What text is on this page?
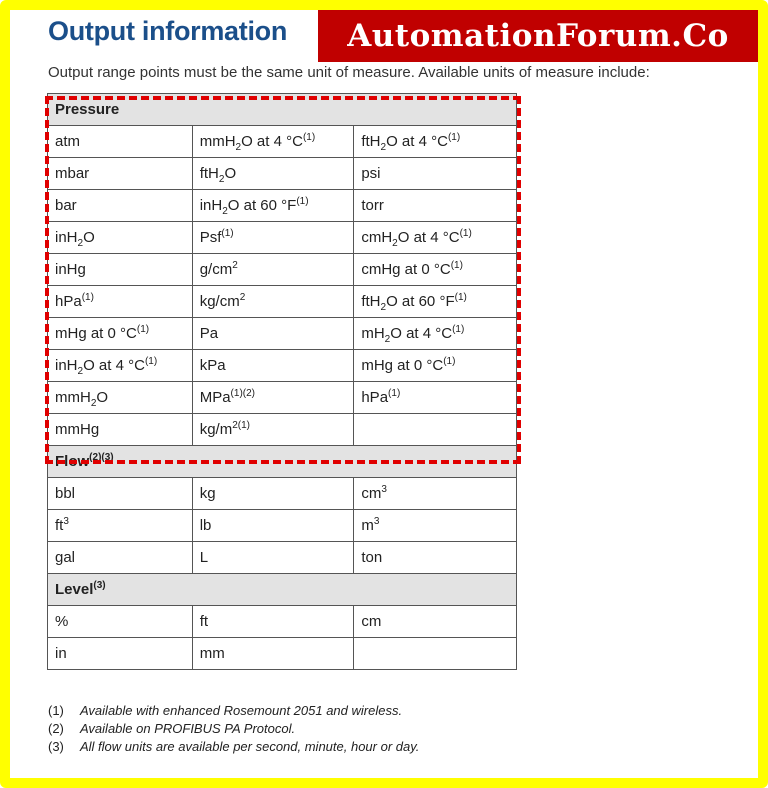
Output information	AutomationForum.Co
Output range points must be the same unit of measure. Available units of measure include:
Pressure		
atm	mmH$_2$O at 4 $^\circ C^{(1)}$	ftH$_2$O at 4 $^\circ C^{(1)}$
mbar	ftH$_2$O	psi
bar	inH$_2$O at 60 $^\circ F^{(1)}$	torr
inH$_2$O	Psf$^{(1)}$	cmH$_2$O at 4 $^\circ C^{(1)}$
inHg	$g/cm^2$	cmHg at 0 $^\circ C^{(1)}$
hPa$^{(1)}$	$kg/cm^2$	ftH$_2$O at 60 $^\circ F^{(1)}$
mHg at 0 $^\circ C^{(1)}$	Pa	$mH_2O$ at 4 $^\circ C^{(1)}$
inH$_2$O at 4 $^\circ C^{(1)}$	kPa	mHg at 0 $^\circ C^{(1)}$
mmH$_2$O	MPa$^{(1)(2)}$	hPa$^{(1)}$
mmHg	$kg/m^{2(1)}$	
Flow$^{(2)(3)}$
bbl	kg	$cm^3$
$ft^3$	lb	$m^3$
gal	L	ton
Level$^{(3)}$
%	ft	cm
in	mm	
(1)	Available with enhanced Rosemount 2051 and wireless.
(2)	Available on PROFIBUS PA Protocol.
(3)	All flow units are available per second, minute, hour or day.
